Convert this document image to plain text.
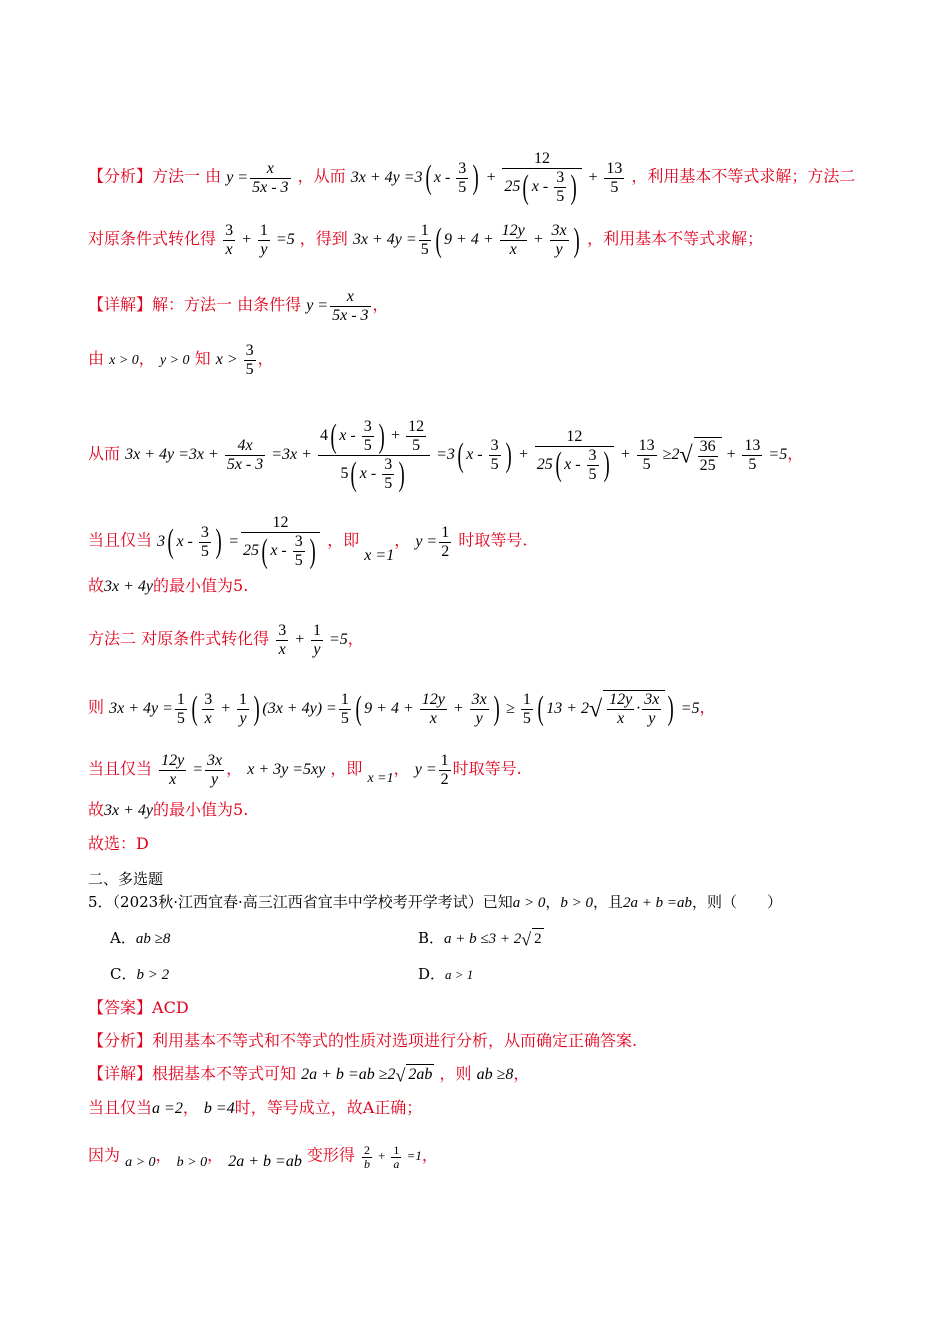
【分析】方法一 由 $y = \frac{x}{5x - 3}$ ，从而 3x + 4y =3( x - $\frac{3}{5}$ ) + $\frac{12}{25( x - \frac{3}{5} )} + \frac{13}{5}$ ，利用基本不等式求解；方法二
对原条件式转化得 $\frac{3}{x} + \frac{1}{y} =5$ ，得到 $3x + 4y = \frac{1}{5}$ ( $9 + 4 + \frac{12y}{x} + \frac{3x}{y}$ ) ，利用基本不等式求解；
【详解】解：方法一 由条件得 $y = \frac{x}{5x - 3}$ ，
由 x > 0， y > 0 知 $x > \frac{3}{5}$ ，
从而 $3x + 4y =3x + \frac{4x}{5x - 3} =3x + \frac{4( x - \frac{3}{5} ) + \frac{12}{5}}{5( x - \frac{3}{5} )} =3$( x - $\frac{3}{5}$ ) + $\frac{12}{25( x - \frac{3}{5} )} + \frac{13}{5} \ge 2√ \frac{36}{25} + \frac{13}{5} =5$，
当且仅当 3( x - $\frac{3}{5}$ ) = $\frac{12}{25( x - \frac{3}{5} )}$ ，即 x =1， $y = \frac{1}{2}$ 时取等号.
故3x + 4y的最小值为5.
方法二 对原条件式转化得 $\frac{3}{x} + \frac{1}{y} =5$，
则 $3x + 4y = \frac{1}{5}$ ( $\frac{3}{x} + \frac{1}{y}$ ) $(3x + 4y) = \frac{1}{5}$ ( $9 + 4 + \frac{12y}{x} + \frac{3x}{y}$ ) ≥ $\frac{1}{5}$ ( $13 + 2√ \frac{12y}{x} \cdot \frac{3x}{y}$ ) =5，
当且仅当 $\frac{12y}{x} = \frac{3x}{y}$ ， x + 3y =5xy ，即 x =1， $y = \frac{1}{2}$ 时取等号.
故3x + 4y的最小值为5.
故选：D
二、多选题
5．（2023秋·江西宜春·高三江西省宜丰中学校考开学考试）已知a > 0，b > 0，且2a + b =ab，则（　　）
A．ab ≥8	B．a + b ≤3 + 2√ 2
C．b > 2	D．a > 1
【答案】ACD
【分析】利用基本不等式和不等式的性质对选项进行分析，从而确定正确答案.
【详解】根据基本不等式可知 2a + b =ab ≥2√ 2ab ，则 ab ≥8，
当且仅当a =2， b =4时，等号成立，故A正确；
因为 a > 0， b > 0， 2a + b =ab 变形得 $\frac{2}{b} + \frac{1}{a} =1$，
